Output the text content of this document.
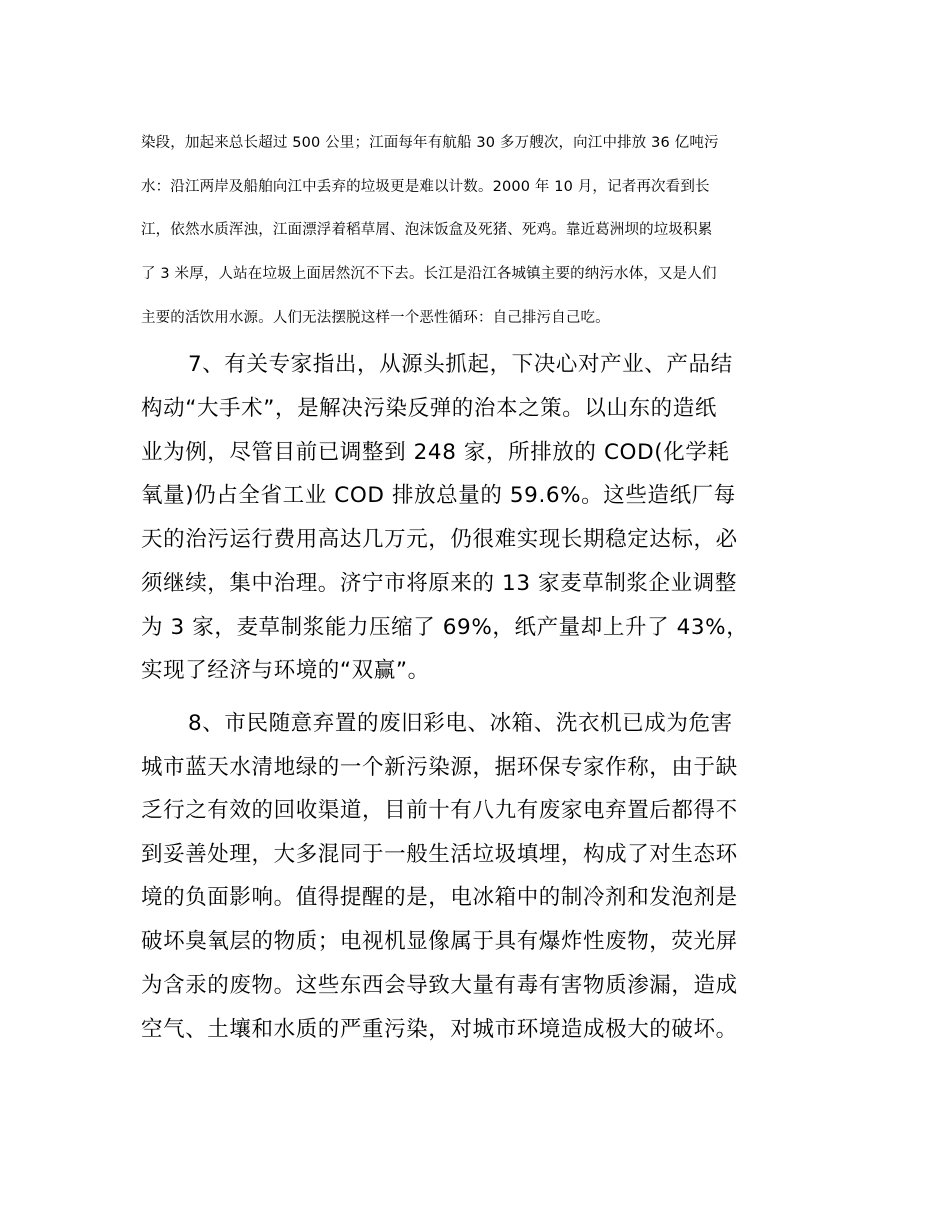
染段，加起来总长超过 500 公里；江面每年有航船 30 多万艘次，向江中排放 36 亿吨污

水：沿江两岸及船舶向江中丢弃的垃圾更是难以计数。2000 年 10 月，记者再次看到长

江，依然水质浑浊，江面漂浮着稻草屑、泡沫饭盒及死猪、死鸡。靠近葛洲坝的垃圾积累

了 3 米厚，人站在垃圾上面居然沉不下去。长江是沿江各城镇主要的纳污水体，又是人们

主要的活饮用水源。人们无法摆脱这样一个恶性循环：自己排污自己吃。

7、有关专家指出，从源头抓起，下决心对产业、产品结

构动“大手术”，是解决污染反弹的治本之策。以山东的造纸

业为例，尽管目前已调整到 248 家，所排放的 COD(化学耗

氧量)仍占全省工业 COD 排放总量的 59.6%。这些造纸厂每

天的治污运行费用高达几万元，仍很难实现长期稳定达标，必

须继续，集中治理。济宁市将原来的 13 家麦草制浆企业调整

为 3 家，麦草制浆能力压缩了 69%，纸产量却上升了 43%，

实现了经济与环境的“双赢”。

8、市民随意弃置的废旧彩电、冰箱、洗衣机已成为危害

城市蓝天水清地绿的一个新污染源，据环保专家作称，由于缺

乏行之有效的回收渠道，目前十有八九有废家电弃置后都得不

到妥善处理，大多混同于一般生活垃圾填埋，构成了对生态环

境的负面影响。值得提醒的是，电冰箱中的制冷剂和发泡剂是

破坏臭氧层的物质；电视机显像属于具有爆炸性废物，荧光屏

为含汞的废物。这些东西会导致大量有毒有害物质渗漏，造成

空气、土壤和水质的严重污染，对城市环境造成极大的破坏。
